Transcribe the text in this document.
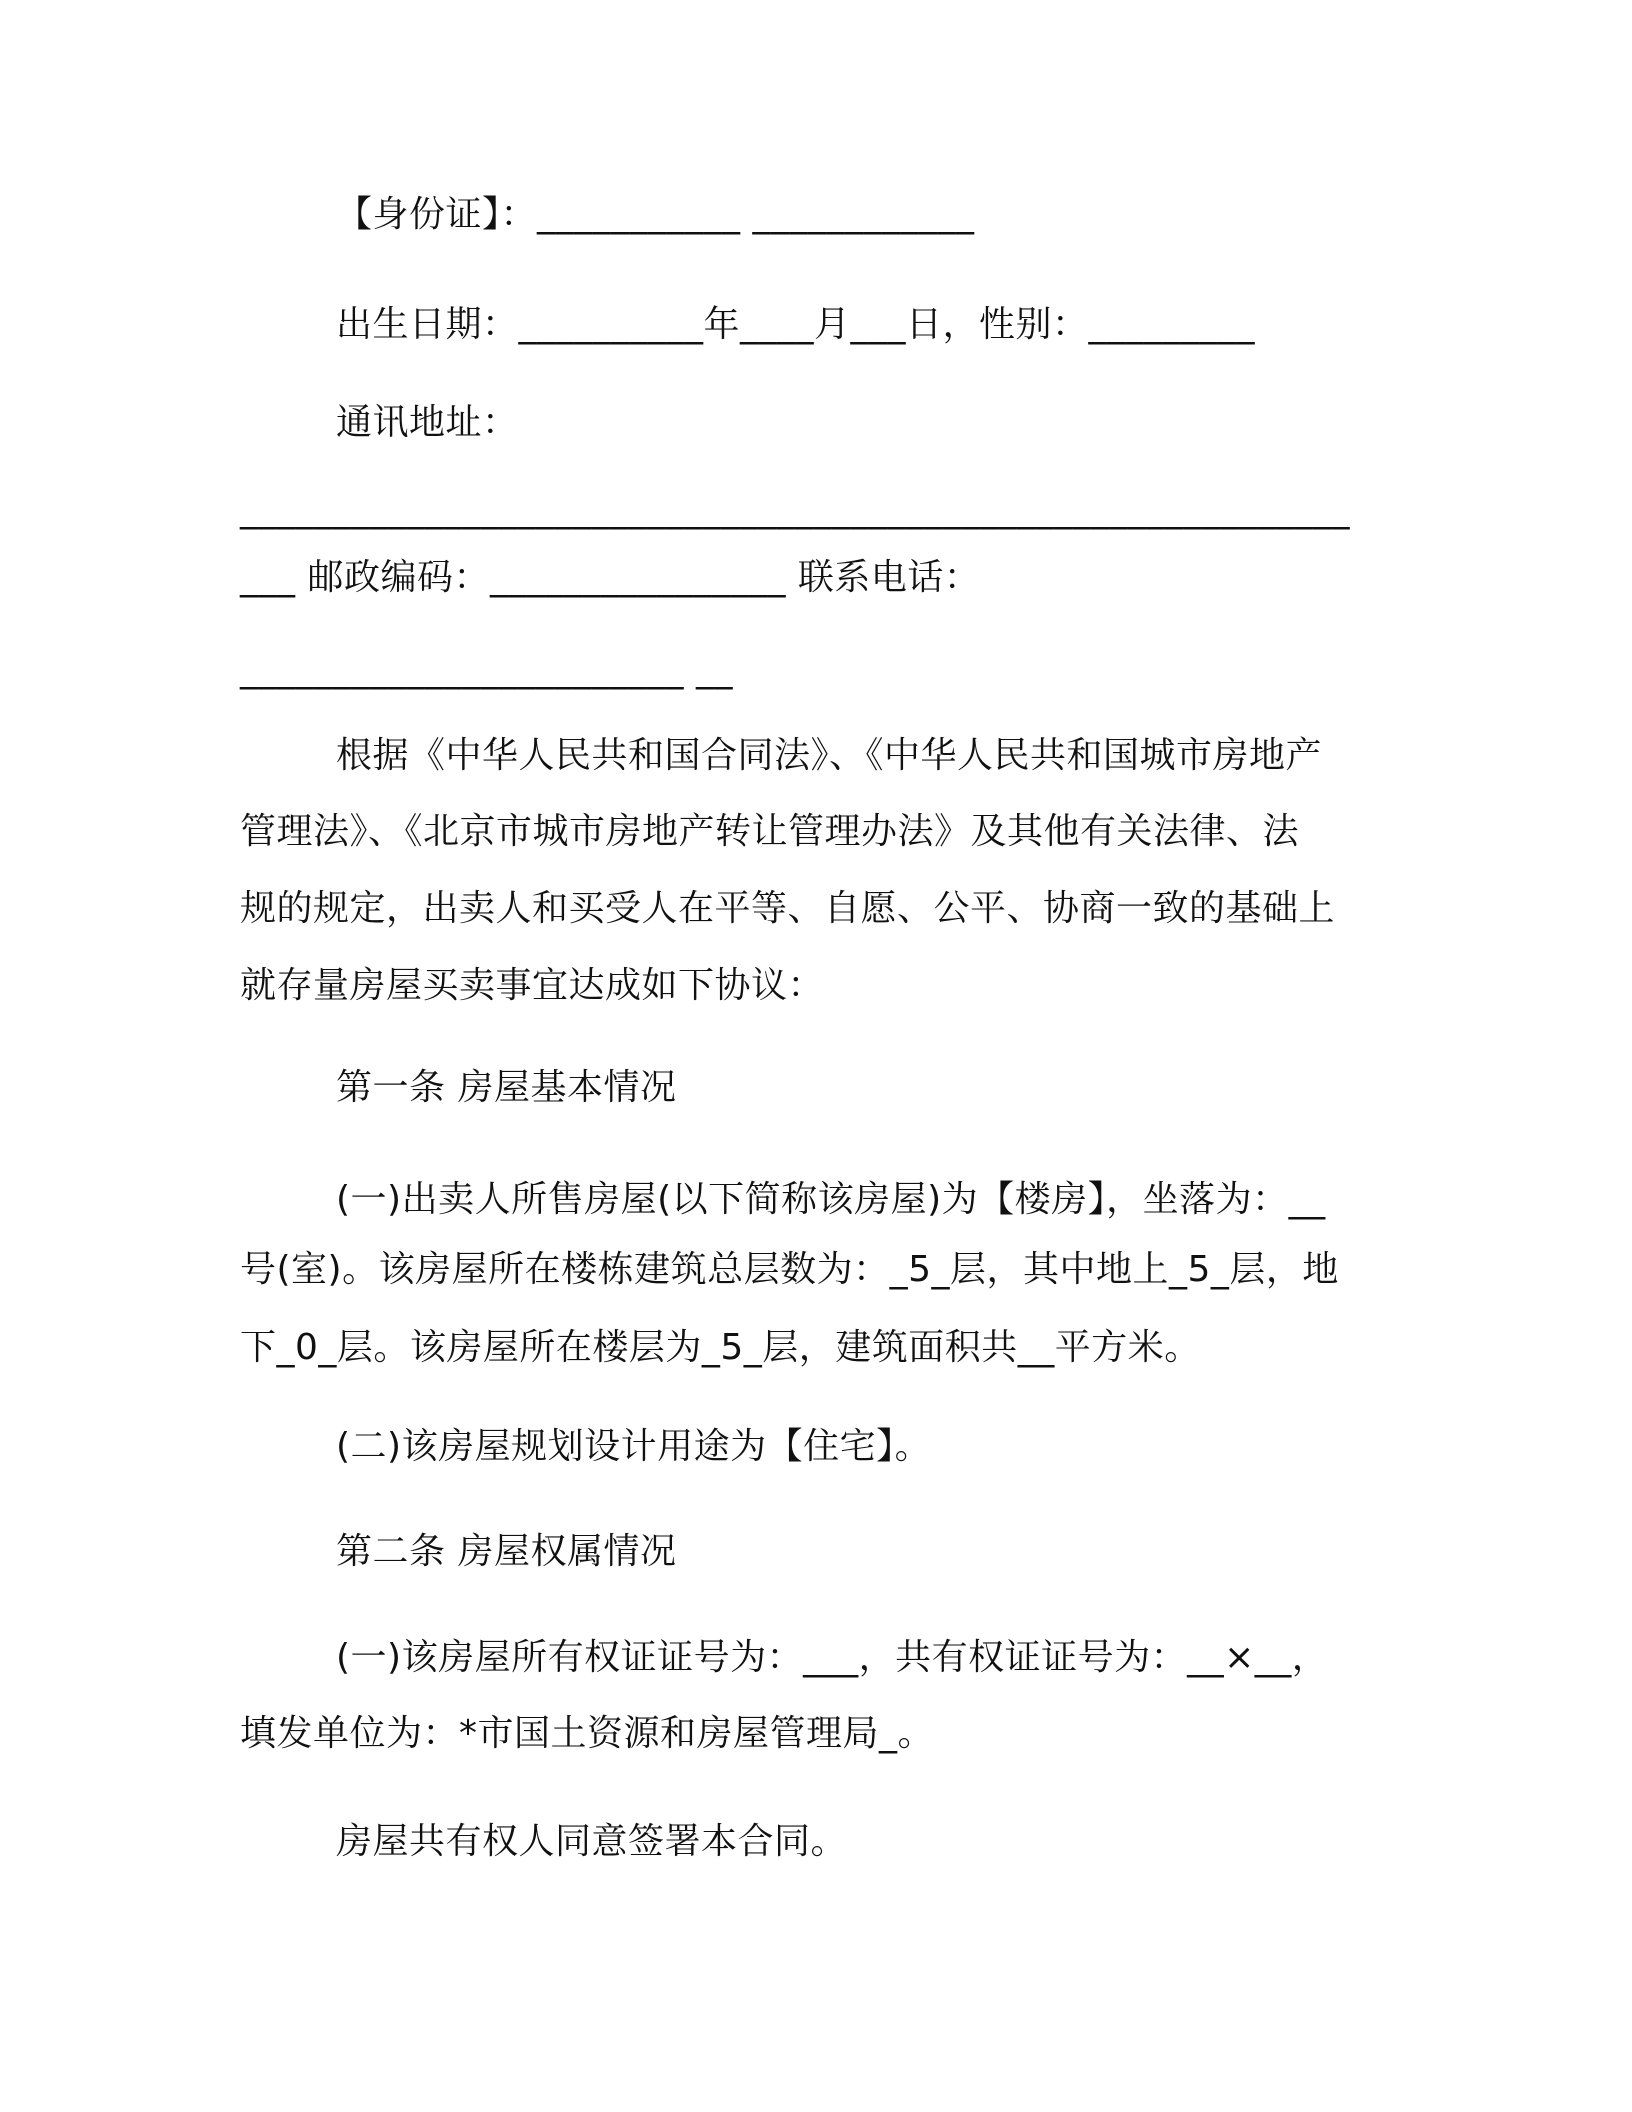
【身份证】：___________ ____________
出生日期：__________年____月___日，性别：_________
通讯地址：
____________________________________________________________
___ 邮政编码：________________ 联系电话：
________________________ __
根据《中华人民共和国合同法》、《中华人民共和国城市房地产
管理法》、《北京市城市房地产转让管理办法》及其他有关法律、法
规的规定，出卖人和买受人在平等、自愿、公平、协商一致的基础上
就存量房屋买卖事宜达成如下协议：
第一条 房屋基本情况
(一)出卖人所售房屋(以下简称该房屋)为【楼房】，坐落为：__
号(室)。该房屋所在楼栋建筑总层数为：_5_层，其中地上_5_层，地
下_0_层。该房屋所在楼层为_5_层，建筑面积共__平方米。
(二)该房屋规划设计用途为【住宅】。
第二条 房屋权属情况
(一)该房屋所有权证证号为：___，共有权证证号为：__×__，
填发单位为：*市国土资源和房屋管理局_。
房屋共有权人同意签署本合同。
